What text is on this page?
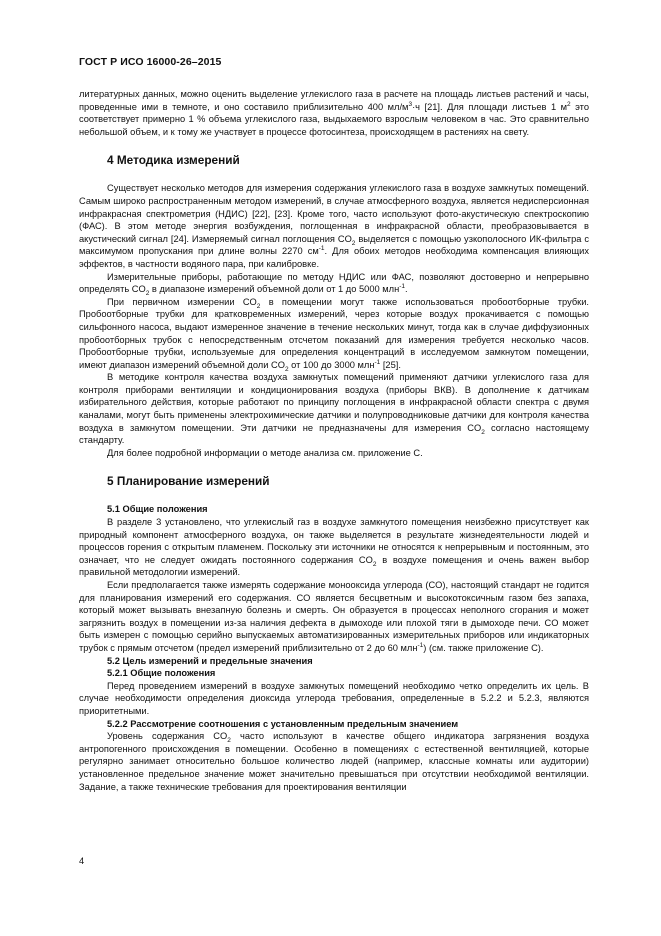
ГОСТ Р ИСО 16000-26–2015

литературных данных, можно оценить выделение углекислого газа в расчете на площадь листьев растений и часы, проведенные ими в темноте, и оно составило приблизительно 400 $мл/м^3\cdot ч$ [21]. Для площади листьев 1 $м^2$ это соответствует примерно 1 % объема углекислого газа, выдыхаемого взрослым человеком в час. Это сравнительно небольшой объем, и к тому же участвует в процессе фотосинтеза, происходящем в растениях на свету.

4 Методика измерений

Существует несколько методов для измерения содержания углекислого газа в воздухе замкнутых помещений. Самым широко распространенным методом измерений, в случае атмосферного воздуха, является недисперсионная инфракрасная спектрометрия (НДИС) [22], [23]. Кроме того, часто используют фото-акустическую спектроскопию (ФАС). В этом методе энергия возбуждения, поглощенная в инфракрасной области, преобразовывается в акустический сигнал [24]. Измеряемый сигнал поглощения $CO_2$ выделяется с помощью узкополосного ИК-фильтра с максимумом пропускания при длине волны 2270 $см^{-1}$. Для обоих методов необходима компенсация влияющих эффектов, в частности водяного пара, при калибровке.

Измерительные приборы, работающие по методу НДИС или ФАС, позволяют достоверно и непрерывно определять $CO_2$ в диапазоне измерений объемной доли от 1 до 5000 млн$^{-1}$.

При первичном измерении $CO_2$ в помещении могут также использоваться пробоотборные трубки. Пробоотборные трубки для кратковременных измерений, через которые воздух прокачивается с помощью сильфонного насоса, выдают измеренное значение в течение нескольких минут, тогда как в случае диффузионных пробоотборных трубок с непосредственным отсчетом показаний для измерения требуется несколько часов. Пробоотборные трубки, используемые для определения концентраций в исследуемом замкнутом помещении, имеют диапазон измерений объемной доли $CO_2$ от 100 до 3000 млн$^{-1}$ [25].

В методике контроля качества воздуха замкнутых помещений применяют датчики углекислого газа для контроля приборами вентиляции и кондиционирования воздуха (приборы ВКВ). В дополнение к датчикам избирательного действия, которые работают по принципу поглощения в инфракрасной области спектра с двумя каналами, могут быть применены электрохимические датчики и полупроводниковые датчики для контроля качества воздуха в замкнутом помещении. Эти датчики не предназначены для измерения $CO_2$ согласно настоящему стандарту.

Для более подробной информации о методе анализа см. приложение C.

5 Планирование измерений
5.1 Общие положения

В разделе 3 установлено, что углекислый газ в воздухе замкнутого помещения неизбежно присутствует как природный компонент атмосферного воздуха, он также выделяется в результате жизнедеятельности людей и процессов горения с открытым пламенем. Поскольку эти источники не относятся к непрерывным и постоянным, это означает, что не следует ожидать постоянного содержания $CO_2$ в воздухе помещения и очень важен выбор правильной методологии измерений.

Если предполагается также измерять содержание монооксида углерода (CO), настоящий стандарт не годится для планирования измерений его содержания. CO является бесцветным и высокотоксичным газом без запаха, который может вызывать внезапную болезнь и смерть. Он образуется в процессах неполного сгорания и может загрязнить воздух в помещении из-за наличия дефекта в дымоходе или плохой тяги в дымоходе печи. CO может быть измерен с помощью серийно выпускаемых автоматизированных измерительных приборов или индикаторных трубок с прямым отсчетом (предел измерений приблизительно от 2 до 60 млн$^{-1}$) (см. также приложение C).

5.2 Цель измерений и предельные значения
5.2.1 Общие положения

Перед проведением измерений в воздухе замкнутых помещений необходимо четко определить их цель. В случае необходимости определения диоксида углерода требования, определенные в 5.2.2 и 5.2.3, являются приоритетными.

5.2.2 Рассмотрение соотношения с установленным предельным значением

Уровень содержания $CO_2$ часто используют в качестве общего индикатора загрязнения воздуха антропогенного происхождения в помещении. Особенно в помещениях с естественной вентиляцией, которые регулярно занимает относительно большое количество людей (например, классные комнаты или аудитории) установленное предельное значение может значительно превышаться при отсутствии необходимой вентиляции. Задание, а также технические требования для проектирования вентиляции

4
